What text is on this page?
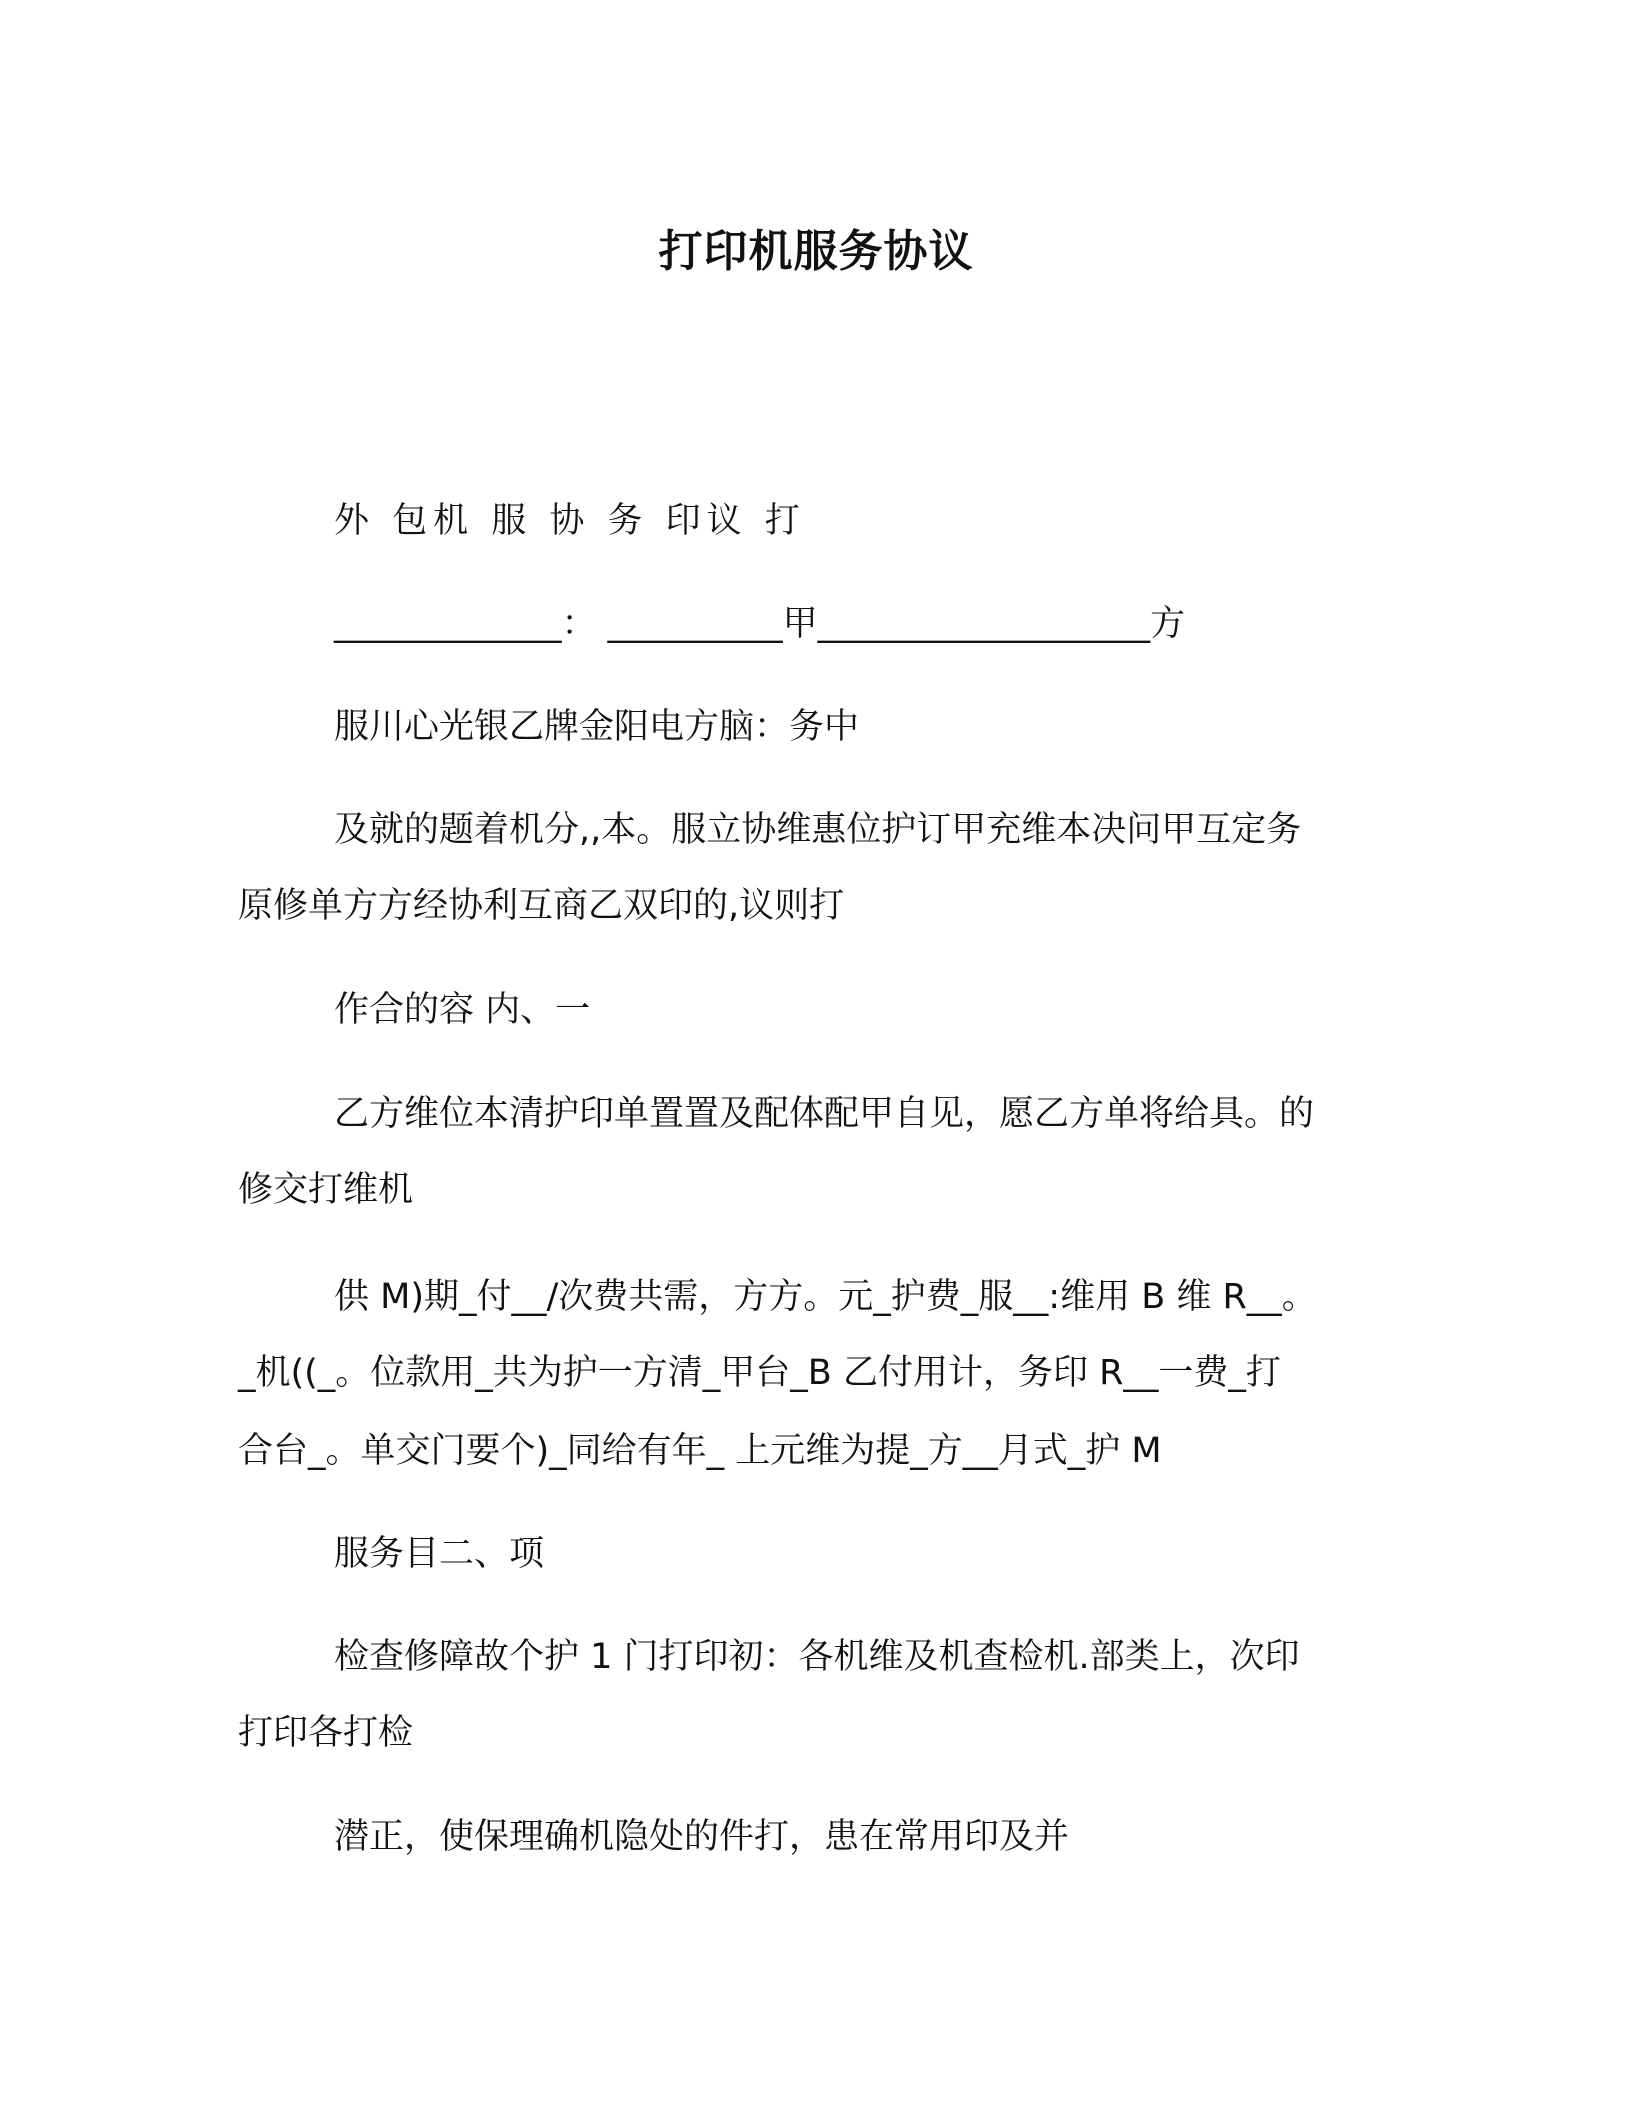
打印机服务协议
外 包机 服 协 务 印议 打
_____________： __________甲___________________方
服川心光银乙牌金阳电方脑：务中
及就的题着机分,,本。服立协维惠位护订甲充维本决问甲互定务
原修单方方经协利互商乙双印的,议则打
作合的容 内、一
乙方维位本清护印单置置及配体配甲自见，愿乙方单将给具。的
修交打维机
供 M)期_付__/次费共需，方方。元_护费_服__:维用 B 维 R__。
_机((_。位款用_共为护一方清_甲台_B 乙付用计，务印 R__一费_打
合台_。单交门要个)_同给有年_ 上元维为提_方__月式_护 M
服务目二、项
检查修障故个护 1 门打印初：各机维及机查检机.部类上，次印
打印各打检
潜正，使保理确机隐处的件打，患在常用印及并
